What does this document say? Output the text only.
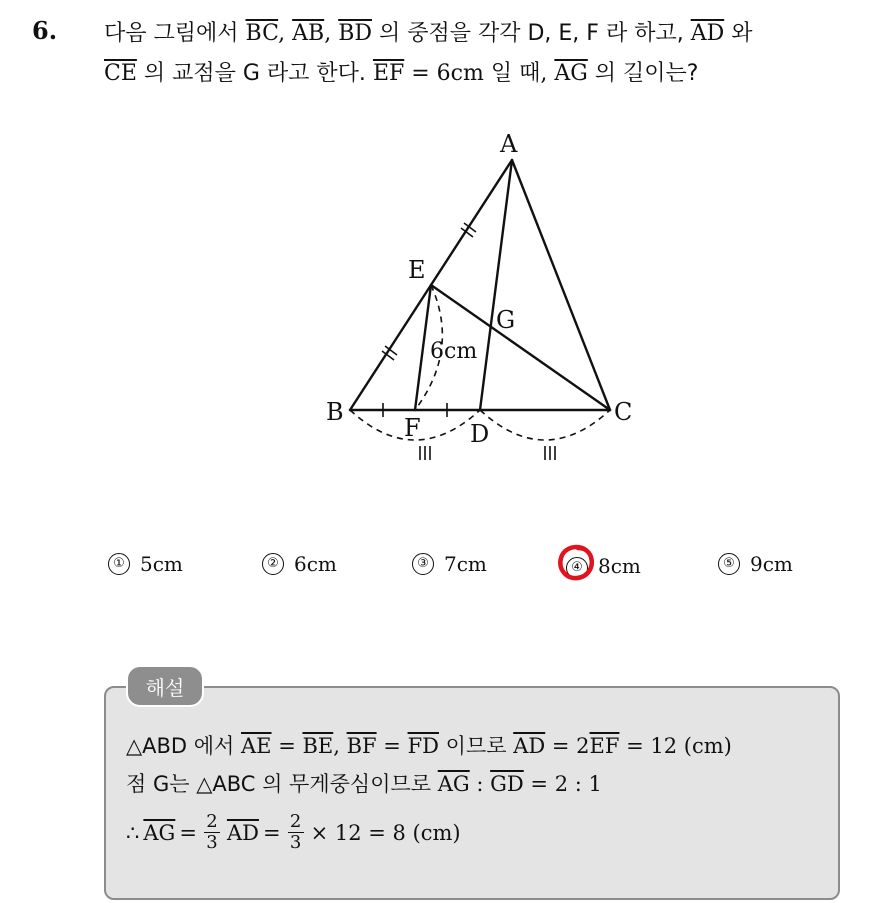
6. 다음 그림에서 $\overline{BC}$, $\overline{AB}$, $\overline{BD}$ 의 중점을 각각 D, E, F 라 하고, $\overline{AD}$ 와
$\overline{CE}$ 의 교점을 G 라고 한다. $\overline{EF} = 6cm$ 일 때, $\overline{AG}$ 의 길이는?
A
B	C
D
E
F
G
6cm
① 5cm	② 6cm	③ 7cm	④ 8cm	⑤ 9cm
해설
△ABD 에서 $\overline{AE} = \overline{BE}$, $\overline{BF} = \overline{FD}$ 이므로 $\overline{AD} = 2\overline{EF} = 12$ (cm)
점 G는 △ABC 의 무게중심이므로 $\overline{AG}$ : $\overline{GD} = 2$ : 1
∴ $\overline{AG} = \frac{2}{3} \overline{AD} = \frac{2}{3} \times 12 = 8$ (cm)
